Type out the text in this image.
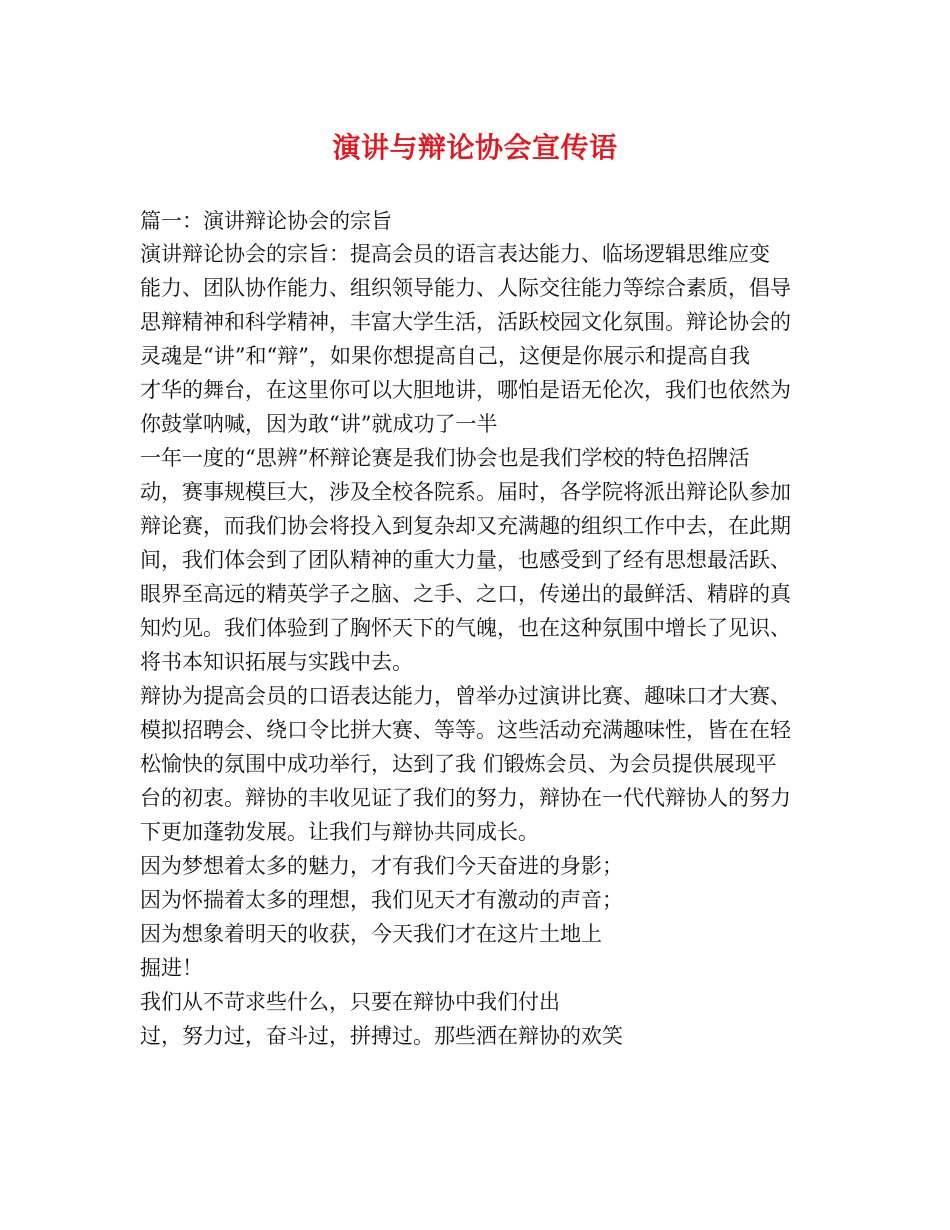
演讲与辩论协会宣传语
篇一：演讲辩论协会的宗旨
演讲辩论协会的宗旨：提高会员的语言表达能力、临场逻辑思维应变
能力、团队协作能力、组织领导能力、人际交往能力等综合素质，倡导
思辩精神和科学精神，丰富大学生活，活跃校园文化氛围。辩论协会的
灵魂是“讲”和“辩”，如果你想提高自己，这便是你展示和提高自我
才华的舞台，在这里你可以大胆地讲，哪怕是语无伦次，我们也依然为
你鼓掌呐喊，因为敢“讲”就成功了一半
一年一度的“思辨”杯辩论赛是我们协会也是我们学校的特色招牌活
动，赛事规模巨大，涉及全校各院系。届时，各学院将派出辩论队参加
辩论赛，而我们协会将投入到复杂却又充满趣的组织工作中去，在此期
间，我们体会到了团队精神的重大力量，也感受到了经有思想最活跃、
眼界至高远的精英学子之脑、之手、之口，传递出的最鲜活、精辟的真
知灼见。我们体验到了胸怀天下的气魄，也在这种氛围中增长了见识、
将书本知识拓展与实践中去。
辩协为提高会员的口语表达能力，曾举办过演讲比赛、趣味口才大赛、
模拟招聘会、绕口令比拼大赛、等等。这些活动充满趣味性，皆在在轻
松愉快的氛围中成功举行，达到了我 们锻炼会员、为会员提供展现平
台的初衷。辩协的丰收见证了我们的努力，辩协在一代代辩协人的努力
下更加蓬勃发展。让我们与辩协共同成长。
因为梦想着太多的魅力，才有我们今天奋进的身影；
因为怀揣着太多的理想，我们见天才有激动的声音；
因为想象着明天的收获，今天我们才在这片土地上
掘进！
我们从不苛求些什么，只要在辩协中我们付出
过，努力过，奋斗过，拼搏过。那些洒在辩协的欢笑
